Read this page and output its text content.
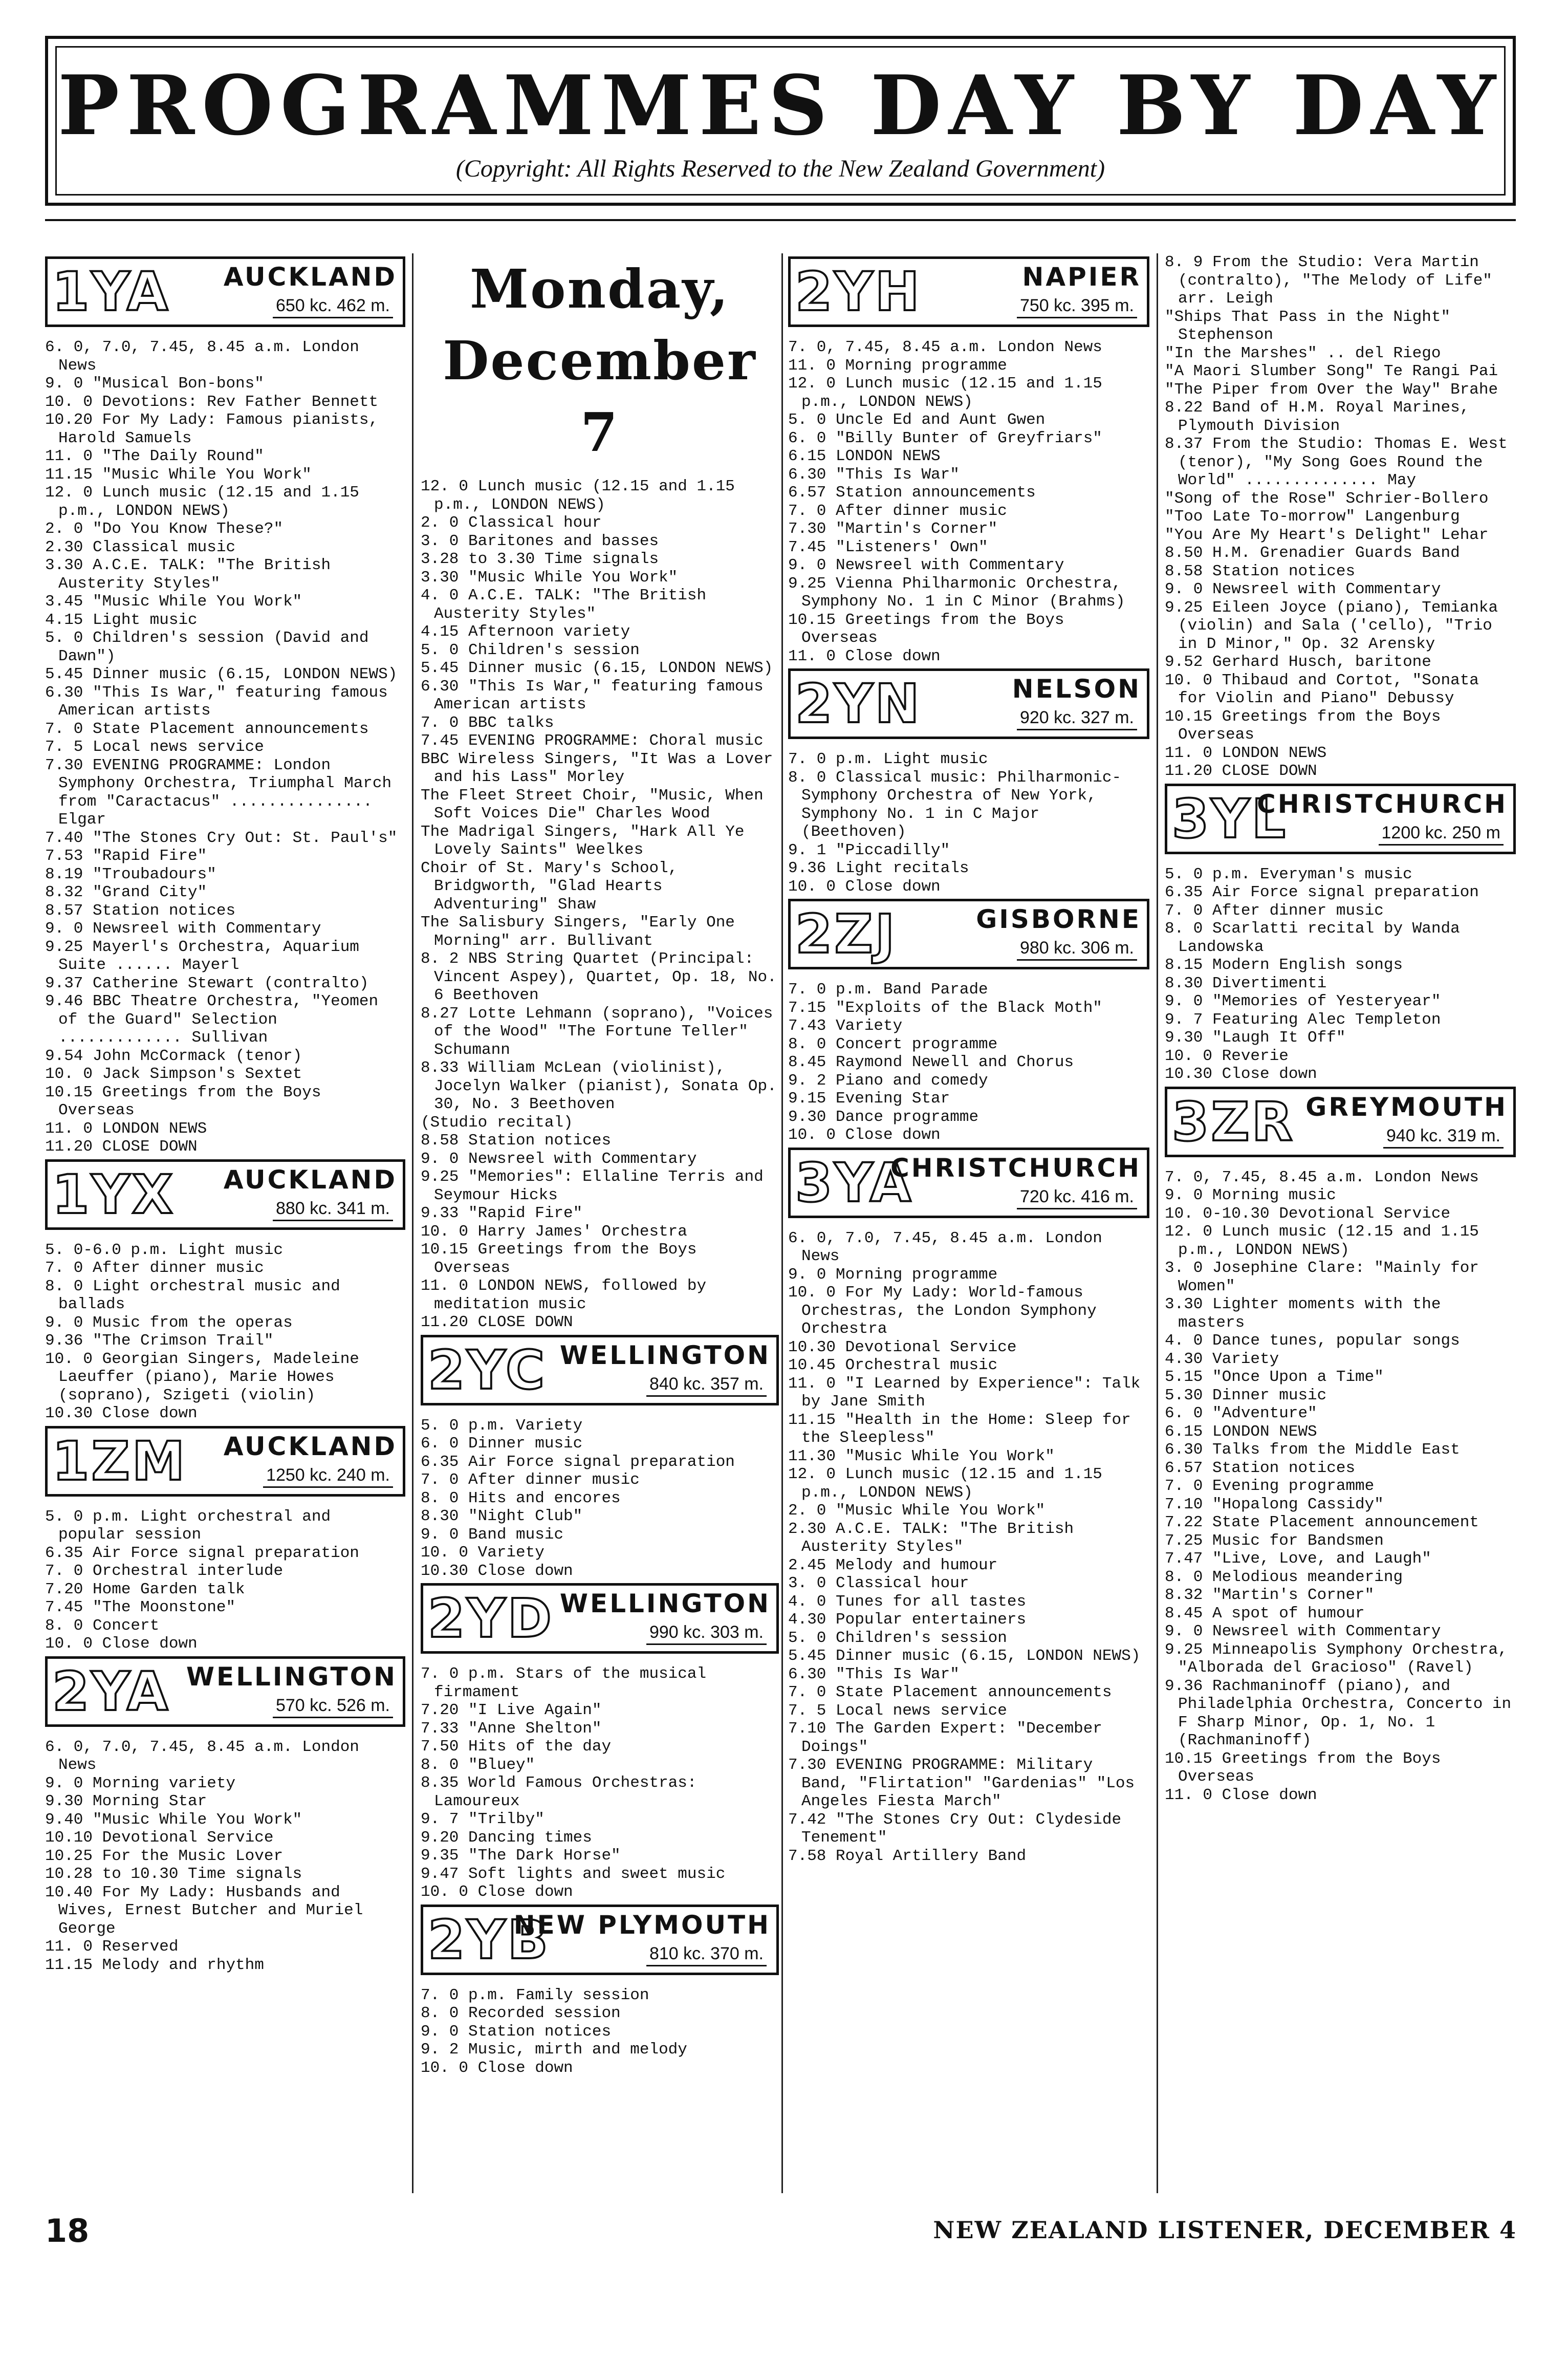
PROGRAMMES DAY BY DAY
(Copyright: All Rights Reserved to the New Zealand Government)
1YA AUCKLAND
650 kc. 462 m.

6. 0, 7.0, 7.45, 8.45 a.m. London News

9. 0 "Musical Bon-bons"

10. 0 Devotions: Rev Father Bennett

10.20 For My Lady: Famous pianists, Harold Samuels

11. 0 "The Daily Round"

11.15 "Music While You Work"

12. 0 Lunch music (12.15 and 1.15 p.m., LONDON NEWS)

2. 0 "Do You Know These?"

2.30 Classical music

3.30 A.C.E. TALK: "The British Austerity Styles"

3.45 "Music While You Work"

4.15 Light music

5. 0 Children's session (David and Dawn")

5.45 Dinner music (6.15, LONDON NEWS)

6.30 "This Is War," featuring famous American artists

7. 0 State Placement announcements

7. 5 Local news service

7.30 EVENING PROGRAMME: London Symphony Orchestra, Triumphal March from "Caractacus" ............... Elgar

7.40 "The Stones Cry Out: St. Paul's"

7.53 "Rapid Fire"

8.19 "Troubadours"

8.32 "Grand City"

8.57 Station notices

9. 0 Newsreel with Commentary

9.25 Mayerl's Orchestra, Aquarium Suite ...... Mayerl

9.37 Catherine Stewart (contralto)

9.46 BBC Theatre Orchestra, "Yeomen of the Guard" Selection ............. Sullivan

9.54 John McCormack (tenor)

10. 0 Jack Simpson's Sextet

10.15 Greetings from the Boys Overseas

11. 0 LONDON NEWS

11.20 CLOSE DOWN

1YX AUCKLAND
880 kc. 341 m.

5. 0-6.0 p.m. Light music

7. 0 After dinner music

8. 0 Light orchestral music and ballads

9. 0 Music from the operas

9.36 "The Crimson Trail"

10. 0 Georgian Singers, Madeleine Laeuffer (piano), Marie Howes (soprano), Szigeti (violin)

10.30 Close down

1ZM AUCKLAND
1250 kc. 240 m.

5. 0 p.m. Light orchestral and popular session

6.35 Air Force signal preparation

7. 0 Orchestral interlude

7.20 Home Garden talk

7.45 "The Moonstone"

8. 0 Concert

10. 0 Close down

2YA WELLINGTON
570 kc. 526 m.

6. 0, 7.0, 7.45, 8.45 a.m. London News

9. 0 Morning variety

9.30 Morning Star

9.40 "Music While You Work"

10.10 Devotional Service

10.25 For the Music Lover

10.28 to 10.30 Time signals

10.40 For My Lady: Husbands and Wives, Ernest Butcher and Muriel George

11. 0 Reserved

11.15 Melody and rhythm

Monday, December 7

12. 0 Lunch music (12.15 and 1.15 p.m., LONDON NEWS)

2. 0 Classical hour

3. 0 Baritones and basses

3.28 to 3.30 Time signals

3.30 "Music While You Work"

4. 0 A.C.E. TALK: "The British Austerity Styles"

4.15 Afternoon variety

5. 0 Children's session

5.45 Dinner music (6.15, LONDON NEWS)

6.30 "This Is War," featuring famous American artists

7. 0 BBC talks

7.45 EVENING PROGRAMME: Choral music

BBC Wireless Singers, "It Was a Lover and his Lass" Morley

The Fleet Street Choir, "Music, When Soft Voices Die" Charles Wood

The Madrigal Singers, "Hark All Ye Lovely Saints" Weelkes

Choir of St. Mary's School, Bridgworth, "Glad Hearts Adventuring" Shaw

The Salisbury Singers, "Early One Morning" arr. Bullivant

8. 2 NBS String Quartet (Principal: Vincent Aspey), Quartet, Op. 18, No. 6 Beethoven

8.27 Lotte Lehmann (soprano), "Voices of the Wood" "The Fortune Teller" Schumann

8.33 William McLean (violinist), Jocelyn Walker (pianist), Sonata Op. 30, No. 3 Beethoven

(Studio recital)

8.58 Station notices

9. 0 Newsreel with Commentary

9.25 "Memories": Ellaline Terris and Seymour Hicks

9.33 "Rapid Fire"

10. 0 Harry James' Orchestra

10.15 Greetings from the Boys Overseas

11. 0 LONDON NEWS, followed by meditation music

11.20 CLOSE DOWN

2YC WELLINGTON
840 kc. 357 m.

5. 0 p.m. Variety

6. 0 Dinner music

6.35 Air Force signal preparation

7. 0 After dinner music

8. 0 Hits and encores

8.30 "Night Club"

9. 0 Band music

10. 0 Variety

10.30 Close down

2YD WELLINGTON
990 kc. 303 m.

7. 0 p.m. Stars of the musical firmament

7.20 "I Live Again"

7.33 "Anne Shelton"

7.50 Hits of the day

8. 0 "Bluey"

8.35 World Famous Orchestras: Lamoureux

9. 7 "Trilby"

9.20 Dancing times

9.35 "The Dark Horse"

9.47 Soft lights and sweet music

10. 0 Close down

2YB
NEW PLYMOUTH
810 kc. 370 m.

7. 0 p.m. Family session

8. 0 Recorded session

9. 0 Station notices

9. 2 Music, mirth and melody

10. 0 Close down

2YH	NAPIER
750 kc. 395 m.

7. 0, 7.45, 8.45 a.m. London News

11. 0 Morning programme

12. 0 Lunch music (12.15 and 1.15 p.m., LONDON NEWS)

5. 0 Uncle Ed and Aunt Gwen

6. 0 "Billy Bunter of Greyfriars"

6.15 LONDON NEWS

6.30 "This Is War"

6.57 Station announcements

7. 0 After dinner music

7.30 "Martin's Corner"

7.45 "Listeners' Own"

9. 0 Newsreel with Commentary

9.25 Vienna Philharmonic Orchestra, Symphony No. 1 in C Minor (Brahms)

10.15 Greetings from the Boys Overseas

11. 0 Close down

2YN	NELSON
920 kc. 327 m.

7. 0 p.m. Light music

8. 0 Classical music: Philharmonic-Symphony Orchestra of New York, Symphony No. 1 in C Major (Beethoven)

9. 1 "Piccadilly"

9.36 Light recitals

10. 0 Close down

2ZJ	GISBORNE
980 kc. 306 m.

7. 0 p.m. Band Parade

7.15 "Exploits of the Black Moth"

7.43 Variety

8. 0 Concert programme

8.45 Raymond Newell and Chorus

9. 2 Piano and comedy

9.15 Evening Star

9.30 Dance programme

10. 0 Close down

3YA
CHRISTCHURCH
720 kc. 416 m.

6. 0, 7.0, 7.45, 8.45 a.m. London News

9. 0 Morning programme

10. 0 For My Lady: World-famous Orchestras, the London Symphony Orchestra

10.30 Devotional Service

10.45 Orchestral music

11. 0 "I Learned by Experience": Talk by Jane Smith

11.15 "Health in the Home: Sleep for the Sleepless"

11.30 "Music While You Work"

12. 0 Lunch music (12.15 and 1.15 p.m., LONDON NEWS)

2. 0 "Music While You Work"

2.30 A.C.E. TALK: "The British Austerity Styles"

2.45 Melody and humour

3. 0 Classical hour

4. 0 Tunes for all tastes

4.30 Popular entertainers

5. 0 Children's session

5.45 Dinner music (6.15, LONDON NEWS)

6.30 "This Is War"

7. 0 State Placement announcements

7. 5 Local news service

7.10 The Garden Expert: "December Doings"

7.30 EVENING PROGRAMME: Military Band, "Flirtation" "Gardenias" "Los Angeles Fiesta March"

7.42 "The Stones Cry Out: Clydeside Tenement"

7.58 Royal Artillery Band

8. 9 From the Studio: Vera Martin (contralto), "The Melody of Life" arr. Leigh

"Ships That Pass in the Night" Stephenson

"In the Marshes" .. del Riego

"A Maori Slumber Song" Te Rangi Pai

"The Piper from Over the Way" Brahe

8.22 Band of H.M. Royal Marines, Plymouth Division

8.37 From the Studio: Thomas E. West (tenor), "My Song Goes Round the World" .............. May

"Song of the Rose" Schrier-Bollero

"Too Late To-morrow" Langenburg

"You Are My Heart's Delight" Lehar

8.50 H.M. Grenadier Guards Band

8.58 Station notices

9. 0 Newsreel with Commentary

9.25 Eileen Joyce (piano), Temianka (violin) and Sala ('cello), "Trio in D Minor," Op. 32 Arensky

9.52 Gerhard Husch, baritone

10. 0 Thibaud and Cortot, "Sonata for Violin and Piano" Debussy

10.15 Greetings from the Boys Overseas

11. 0 LONDON NEWS

11.20 CLOSE DOWN

3YL
CHRISTCHURCH
1200 kc. 250 m

5. 0 p.m. Everyman's music

6.35 Air Force signal preparation

7. 0 After dinner music

8. 0 Scarlatti recital by Wanda Landowska

8.15 Modern English songs

8.30 Divertimenti

9. 0 "Memories of Yesteryear"

9. 7 Featuring Alec Templeton

9.30 "Laugh It Off"

10. 0 Reverie

10.30 Close down

3ZR GREYMOUTH
940 kc. 319 m.

7. 0, 7.45, 8.45 a.m. London News

9. 0 Morning music

10. 0-10.30 Devotional Service

12. 0 Lunch music (12.15 and 1.15 p.m., LONDON NEWS)

3. 0 Josephine Clare: "Mainly for Women"

3.30 Lighter moments with the masters

4. 0 Dance tunes, popular songs

4.30 Variety

5.15 "Once Upon a Time"

5.30 Dinner music

6. 0 "Adventure"

6.15 LONDON NEWS

6.30 Talks from the Middle East

6.57 Station notices

7. 0 Evening programme

7.10 "Hopalong Cassidy"

7.22 State Placement announcement

7.25 Music for Bandsmen

7.47 "Live, Love, and Laugh"

8. 0 Melodious meandering

8.32 "Martin's Corner"

8.45 A spot of humour

9. 0 Newsreel with Commentary

9.25 Minneapolis Symphony Orchestra, "Alborada del Gracioso" (Ravel)

9.36 Rachmaninoff (piano), and Philadelphia Orchestra, Concerto in F Sharp Minor, Op. 1, No. 1 (Rachmaninoff)

10.15 Greetings from the Boys Overseas

11. 0 Close down

18	NEW ZEALAND LISTENER, DECEMBER 4
